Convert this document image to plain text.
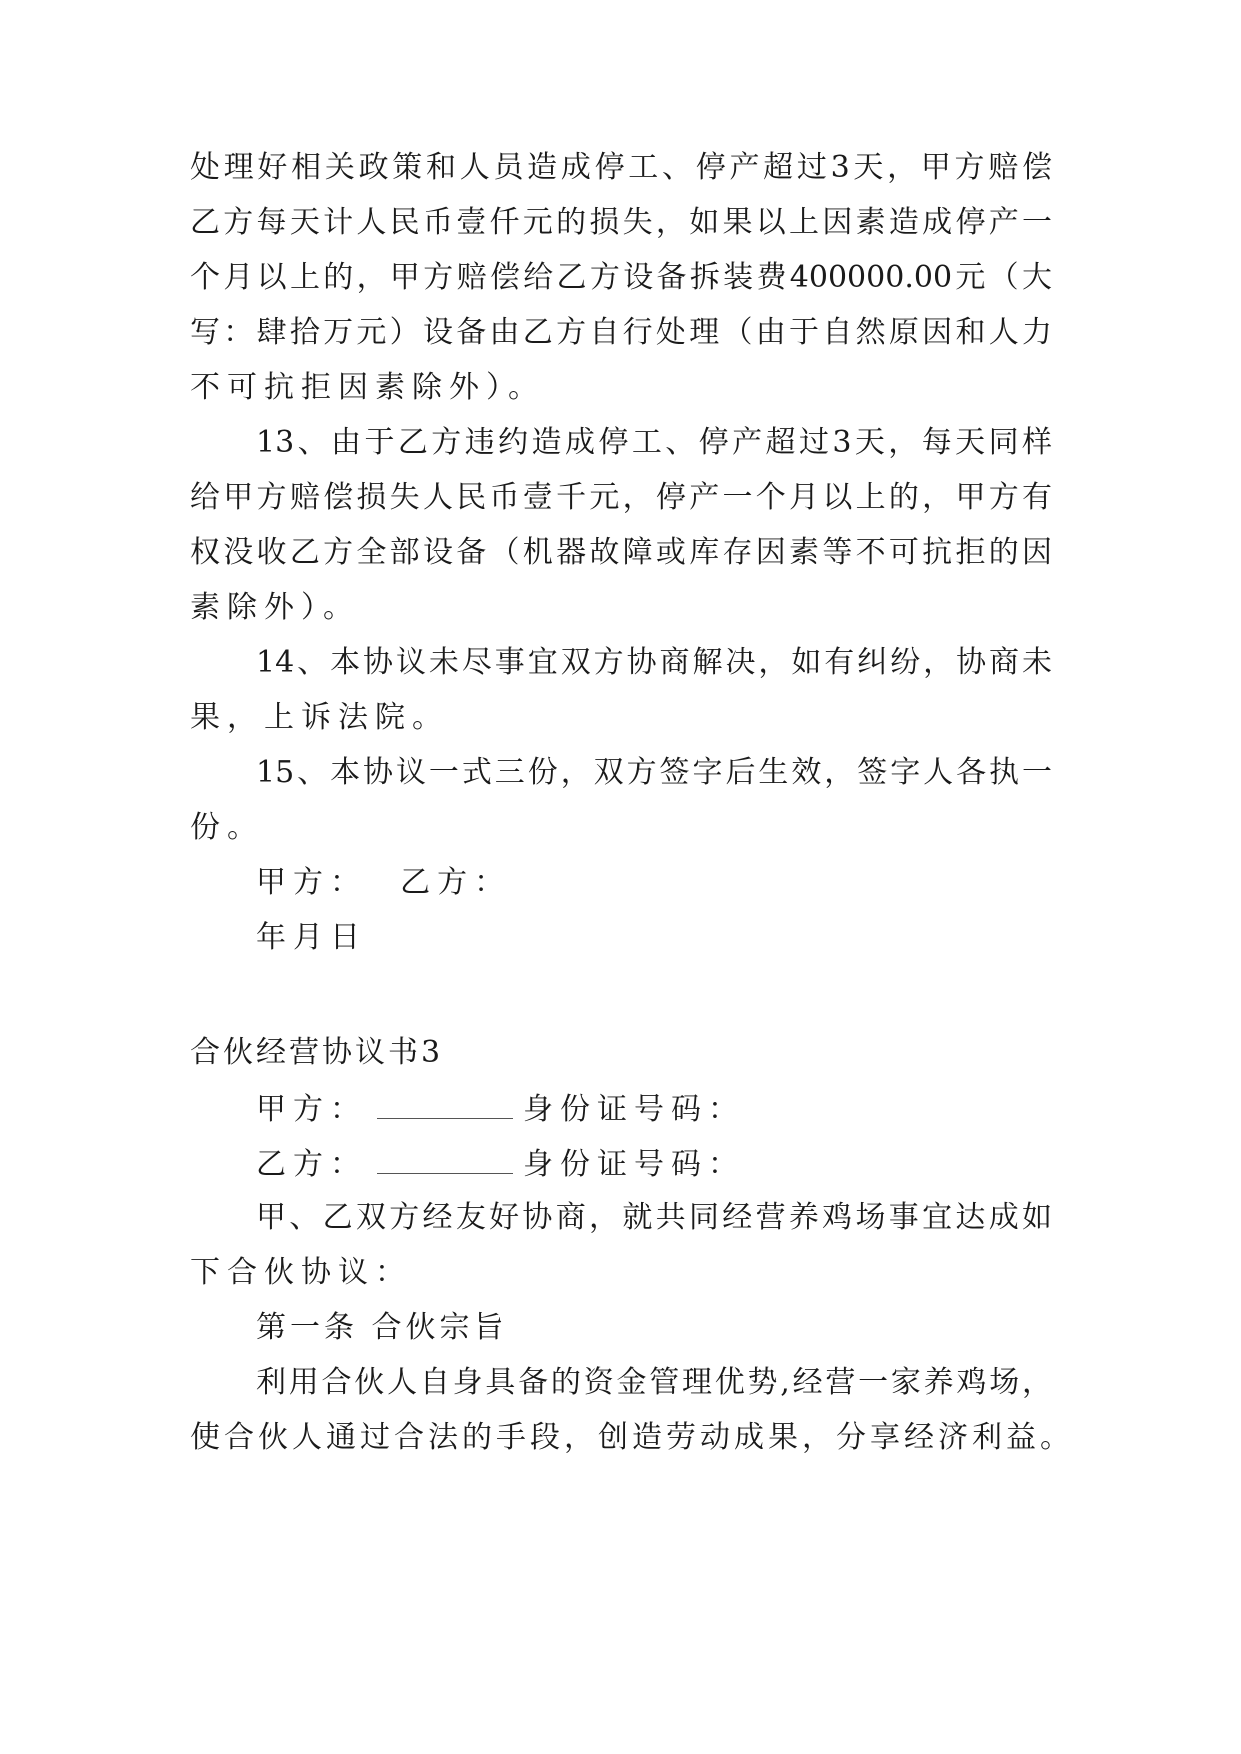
处理好相关政策和人员造成停工、停产超过3天，甲方赔偿
乙方每天计人民币壹仟元的损失，如果以上因素造成停产一
个月以上的，甲方赔偿给乙方设备拆装费400000.00元（大
写：肆拾万元）设备由乙方自行处理（由于自然原因和人力
不可抗拒因素除外）。
13、由于乙方违约造成停工、停产超过3天，每天同样
给甲方赔偿损失人民币壹千元，停产一个月以上的，甲方有
权没收乙方全部设备（机器故障或库存因素等不可抗拒的因
素除外）。
14、本协议未尽事宜双方协商解决，如有纠纷，协商未
果，上诉法院。
15、本协议一式三份，双方签字后生效，签字人各执一
份。
甲方：  乙方：
年月日
合伙经营协议书3
甲方：	身份证号码：
乙方：	身份证号码：
甲、乙双方经友好协商，就共同经营养鸡场事宜达成如
下合伙协议：
第一条 合伙宗旨
利用合伙人自身具备的资金管理优势,经营一家养鸡场，
使合伙人通过合法的手段，创造劳动成果，分享经济利益。
